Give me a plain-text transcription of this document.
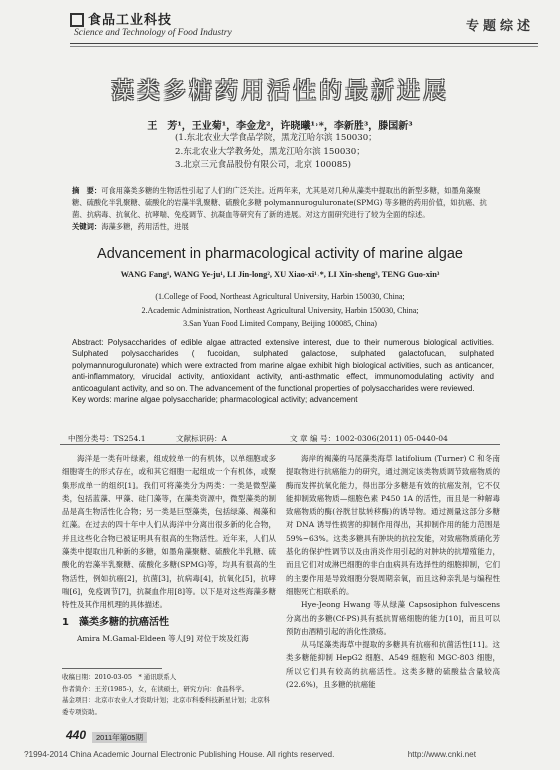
食品工业科技
Science and Technology of Food Industry	专题综述
藻类多糖药用活性的最新进展
王　芳¹，王业菊¹，李金龙²，许晓曦¹˒*，李新胜³，滕国新³
(1.东北农业大学食品学院，黑龙江哈尔滨 150030；
2.东北农业大学教务处，黑龙江哈尔滨 150030；
3.北京三元食品股份有限公司，北京 100085)
摘　要：可食用藻类多糖的生物活性引起了人们的广泛关注。近两年来，尤其是对几种从藻类中提取出的新型多糖，如墨角藻聚糖、硫酸化半乳聚糖、硫酸化的岩藻半乳聚糖、硫酸化多糖 polymannuroguluronate(SPMG) 等多糖的药用价值，如抗癌、抗菌、抗病毒、抗氧化、抗哮喘、免疫调节、抗凝血等研究有了新的进展。对这方面研究进行了较为全面的综述。
关键词：海藻多糖，药用活性，进展
Advancement in pharmacological activity of marine algae
WANG Fang¹, WANG Ye-ju¹, LI Jin-long², XU Xiao-xi¹˒*, LI Xin-sheng³, TENG Guo-xin³
(1.College of Food, Northeast Agricultural University, Harbin 150030, China;
2.Academic Administration, Northeast Agricultural University, Harbin 150030, China;
3.San Yuan Food Limited Company, Beijing 100085, China)
Abstract: Polysaccharides of edible algae attracted extensive interest, due to their numerous biological activities. Sulphated polysaccharides ( fucoidan, sulphated galactose, sulphated galactofucan, sulphated polymannuroguluronate) which were extracted from marine algae exhibit high biological activities, such as anticancer, anti-inflammatory, virucidal activity, antioxidant activity, anti-asthmatic effect, immunomodulating activity and anticoagulant activity, and so on. The advancement of the functional properties of polysaccharides were reviewed.
Key words: marine algae polysaccharide; pharmacological activity; advancement
中图分类号：TS254.1	文献标识码：A	文 章 编 号：1002-0306(2011) 05-0440-04

海洋是一类有叶绿素，组成较单一的有机体，以单细胞或多细胞寄生的形式存在，或和其它细胞一起组成一个有机体，或聚集形成单一的组织[1]。我们可将藻类分为两类：一类是微型藻类，包括蓝藻、甲藻、硅门藻等，在藻类资源中，微型藻类的制品是高生物活性化合物；另一类是巨型藻类，包括绿藻、褐藻和红藻。在过去的四十年中人们从海洋中分离出很多新的化合物，并且这些化合物已被证明具有很高的生物活性。近年来，人们从藻类中提取出几种新的多糖，如墨角藻聚糖、硫酸化半乳糖、硫酸化的岩藻半乳聚糖、硫酸化多糖(SPMG)等，均具有很高的生物活性，例如抗癌[2]，抗菌[3]，抗病毒[4]，抗氧化[5]，抗哮喘[6]，免疫调节[7]，抗凝血作用[8]等。以下是对这些海藻多糖特性及其作用机理的具体描述。

1　藻类多糖的抗癌活性

Amira M.Gamal-Eldeen 等人[9] 对位于埃及红海

海岸的褐藻的马尾藻类海草 latifolium (Turner) C 和冬南提取物进行抗癌能力的研究，通过测定该类物质调节致癌物质的酶而发挥抗氧化能力，得出部分多糖是有效的抗癌发剂，它不仅能抑制致癌物质—细胞色素 P450 1A 的活性，而且是一种解毒致癌物质的酶(谷胱甘肽转移酶)的诱导物。通过测量这部分多糖对 DNA 诱导性损害的抑制作用得出，其抑制作用的能力范围是 59%~63%。这类多糖具有肿块的抗拉发能，对致癌物质硝化芳基化的保护性调节以及由消炎作用引起的对肿块的抗增殖能力，而且它们对成淋巴细胞的非白血病具有选择性的细胞抑制，它们的主要作用是导致细胞分裂周期亲氧，而且这种亲乳是与编程性细胞死亡相联系的。

Hye-Jeong Hwang 等从绿藻 Capsosiphon fulvescens 分离出的多糖(Cf-PS)具有抵抗胃癌细胞的能力[10]，而且可以预防由酒精引起的消化性溃疡。

从马尾藻类海草中提取的多糖具有抗癌和抗菌活性[11]。这类多糖能抑制 HepG2 细胞、A549 细胞和 MGC-803 细胞，所以它们具有较高的抗癌活性。这类多糖的硫酸盐含量较高(22.6%)，且多糖的抗癌能

收稿日期：2010-03-05　* 通讯联系人
作者简介：王芳(1985-)，女，在读硕士，研究方向：食品科学。
基金项目：北京市农业人才资助计划；北京市科委科技新星计划；北京科委专项资助。
440	2011年第05期
?1994-2014 China Academic Journal Electronic Publishing House. All rights reserved.	http://www.cnki.net
